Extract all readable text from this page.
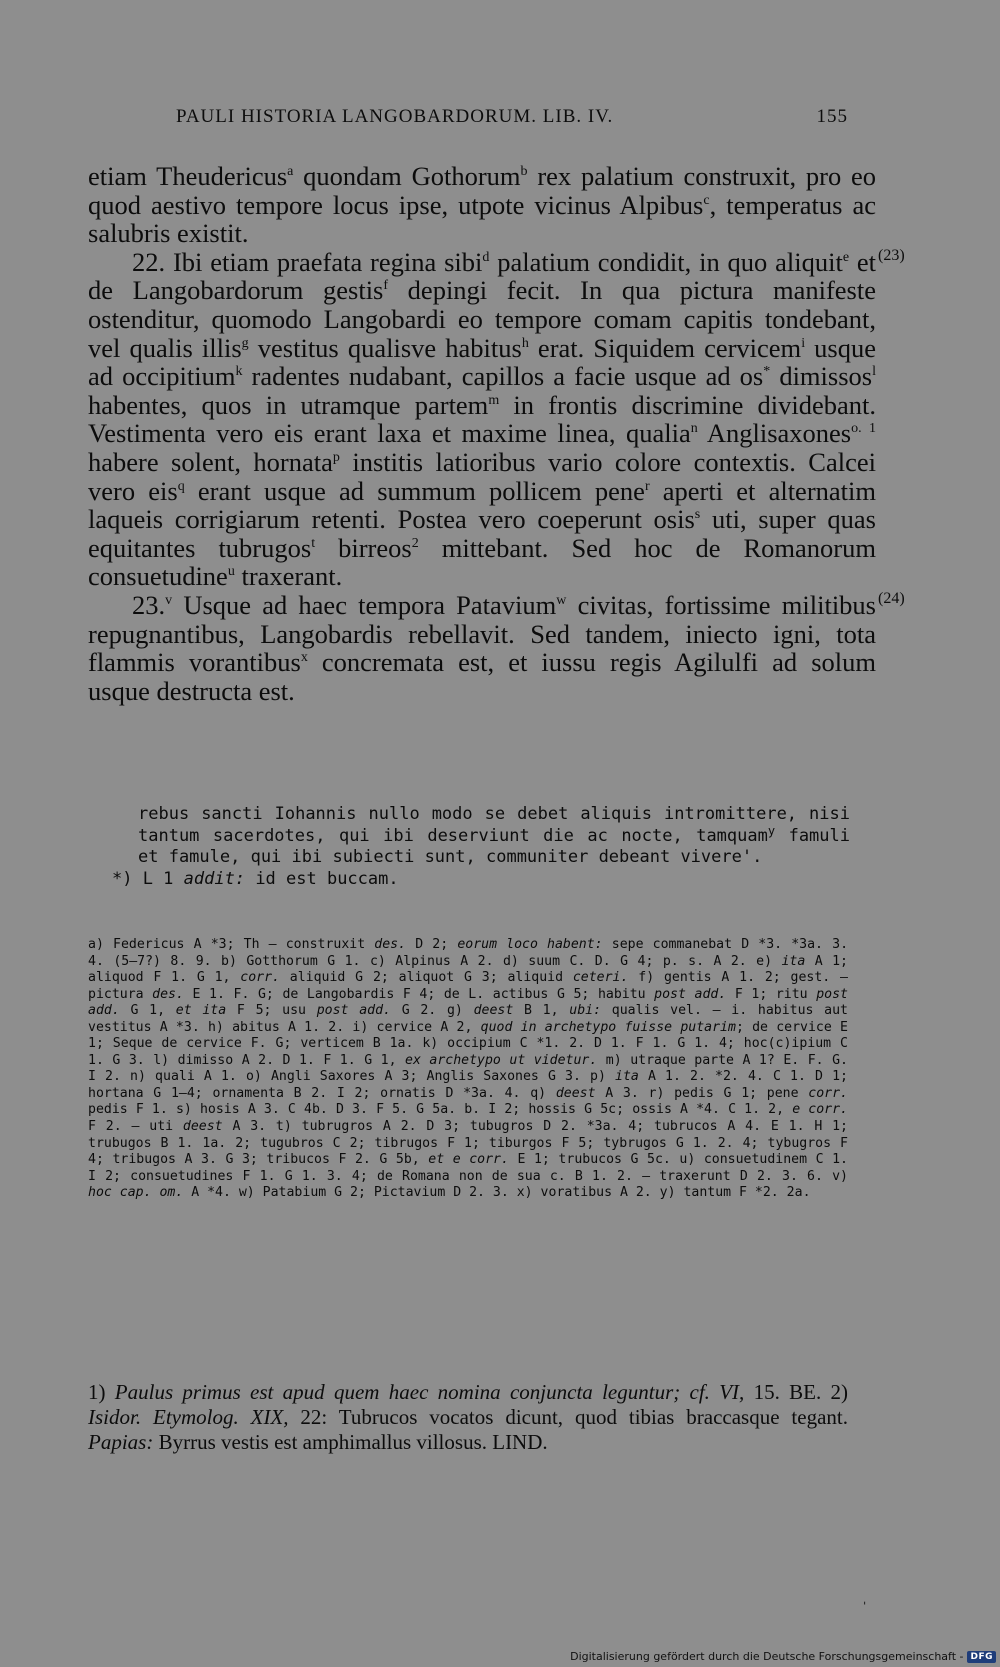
PAULI HISTORIA LANGOBARDORUM. LIB. IV.	155

etiam Theudericus$^a$ quondam Gothorum$^b$ rex palatium construxit, pro eo quod aestivo tempore locus ipse, utpote vicinus Alpibus$^c$, temperatus ac salubris existit.

(23)
22. Ibi etiam praefata regina sibi$^d$ palatium condidit, in quo aliquit$^e$ et de Langobardorum gestis$^f$ depingi fecit. In qua pictura manifeste ostenditur, quomodo Langobardi eo tempore comam capitis tondebant, vel qualis illis$^g$ vestitus qualisve habitus$^h$ erat. Siquidem cervicem$^i$ usque ad occipitium$^k$ radentes nudabant, capillos a facie usque ad os* dimissos$^l$ habentes, quos in utramque partem$^m$ in frontis discrimine dividebant. Vestimenta vero eis erant laxa et maxime linea, qualia$^n$ Anglisaxones$^{o. 1}$ habere solent, hornata$^p$ institis latioribus vario colore contextis. Calcei vero eis$^q$ erant usque ad summum pollicem pene$^r$ aperti et alternatim laqueis corrigiarum retenti. Postea vero coeperunt osis$^s$ uti, super quas equitantes tubrugos$^t$ birreos$^2$ mittebant. Sed hoc de Romanorum consuetudine$^u$ traxerant.

(24)
23.$^v$ Usque ad haec tempora Patavium$^w$ civitas, fortissime militibus repugnantibus, Langobardis rebellavit. Sed tandem, iniecto igni, tota flammis vorantibus$^x$ concremata est, et iussu regis Agilulfi ad solum usque destructa est.

rebus sancti Iohannis nullo modo se debet aliquis intromittere, nisi tantum sacerdotes, qui ibi deserviunt die ac nocte, tamquam$^y$ famuli et famule, qui ibi subiecti sunt, communiter debeant vivere'.

*) L 1 addit: id est buccam.

a) Federicus A *3; Th — construxit des. D 2; eorum loco habent: sepe commanebat D *3. *3a. 3. 4. (5—7?) 8. 9. b) Gotthorum G 1. c) Alpinus A 2. d) suum C. D. G 4; p. s. A 2. e) ita A 1; aliquod F 1. G 1, corr. aliquid G 2; aliquot G 3; aliquid ceteri. f) gentis A 1. 2; gest. — pictura des. E 1. F. G; de Langobardis F 4; de L. actibus G 5; habitu post add. F 1; ritu post add. G 1, et ita F 5; usu post add. G 2. g) deest B 1, ubi: qualis vel. — i. habitus aut vestitus A *3. h) abitus A 1. 2. i) cervice A 2, quod in archetypo fuisse putarim; de cervice E 1; Seque de cervice F. G; verticem B 1a. k) occipium C *1. 2. D 1. F 1. G 1. 4; hoc(c)ipium C 1. G 3. l) dimisso A 2. D 1. F 1. G 1, ex archetypo ut videtur. m) utraque parte A 1? E. F. G. I 2. n) quali A 1. o) Angli Saxores A 3; Anglis Saxones G 3. p) ita A 1. 2. *2. 4. C 1. D 1; hortana G 1—4; ornamenta B 2. I 2; ornatis D *3a. 4. q) deest A 3. r) pedis G 1; pene corr. pedis F 1. s) hosis A 3. C 4b. D 3. F 5. G 5a. b. I 2; hossis G 5c; ossis A *4. C 1. 2, e corr. F 2. — uti deest A 3. t) tubrugros A 2. D 3; tubugros D 2. *3a. 4; tubrucos A 4. E 1. H 1; trubugos B 1. 1a. 2; tugubros C 2; tibrugos F 1; tiburgos F 5; tybrugos G 1. 2. 4; tybugros F 4; tribugos A 3. G 3; tribucos F 2. G 5b, et e corr. E 1; trubucos G 5c. u) consuetudinem C 1. I 2; consuetudines F 1. G 1. 3. 4; de Romana non de sua c. B 1. 2. — traxerunt D 2. 3. 6. v) hoc cap. om. A *4. w) Patabium G 2; Pictavium D 2. 3. x) voratibus A 2. y) tantum F *2. 2a.

1) Paulus primus est apud quem haec nomina conjuncta leguntur; cf. VI, 15. BE. 2) Isidor. Etymolog. XIX, 22: Tubrucos vocatos dicunt, quod tibias braccasque tegant. Papias: Byrrus vestis est amphimallus villosus. LIND.

ˌ
Digitalisierung gefördert durch die Deutsche Forschungsgemeinschaft - DFG
